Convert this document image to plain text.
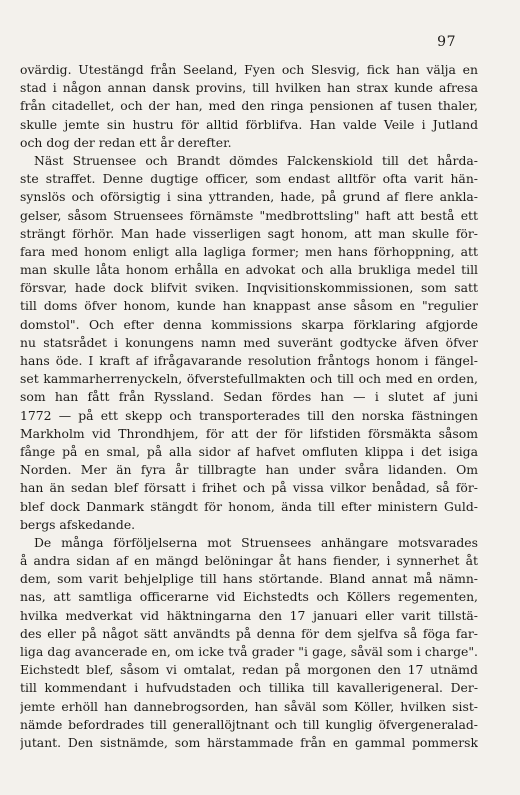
97
ovärdig. Utestängd från Seeland, Fyen och Slesvig, fick han välja en
stad i någon annan dansk provins, till hvilken han strax kunde afresa
från citadellet, och der han, med den ringa pensionen af tusen thaler,
skulle jemte sin hustru för alltid förblifva. Han valde Veile i Jutland
och dog der redan ett år derefter.
Näst Struensee och Brandt dömdes Falckenskiold till det hårda-
ste straffet. Denne dugtige officer, som endast alltför ofta varit hän-
synslös och oförsigtig i sina yttranden, hade, på grund af flere ankla-
gelser, såsom Struensees förnämste "medbrottsling" haft att bestå ett
strängt förhör. Man hade visserligen sagt honom, att man skulle för-
fara med honom enligt alla lagliga former; men hans förhoppning, att
man skulle låta honom erhålla en advokat och alla brukliga medel till
försvar, hade dock blifvit sviken. Inqvisitionskommissionen, som satt
till doms öfver honom, kunde han knappast anse såsom en "regulier
domstol". Och efter denna kommissions skarpa förklaring afgjorde
nu statsrådet i konungens namn med suveränt godtycke äfven öfver
hans öde. I kraft af ifrågavarande resolution fråntogs honom i fängel-
set kammarherrenyckeln, öfverstefullmakten och till och med en orden,
som han fått från Ryssland. Sedan fördes han — i slutet af juni
1772 — på ett skepp och transporterades till den norska fästningen
Markholm vid Throndhjem, för att der för lifstiden försmäkta såsom
fånge på en smal, på alla sidor af hafvet omfluten klippa i det isiga
Norden. Mer än fyra år tillbragte han under svåra lidanden. Om
han än sedan blef försatt i frihet och på vissa vilkor benådad, så för-
blef dock Danmark stängdt för honom, ända till efter ministern Guld-
bergs afskedande.
De många förföljelserna mot Struensees anhängare motsvarades
å andra sidan af en mängd belöningar åt hans fiender, i synnerhet åt
dem, som varit behjelplige till hans störtande. Bland annat må nämn-
nas, att samtliga officerarne vid Eichstedts och Köllers regementen,
hvilka medverkat vid häktningarna den 17 januari eller varit tillstä-
des eller på något sätt användts på denna för dem sjelfva så föga far-
liga dag avancerade en, om icke två grader "i gage, såväl som i charge".
Eichstedt blef, såsom vi omtalat, redan på morgonen den 17 utnämd
till kommendant i hufvudstaden och tillika till kavallerigeneral. Der-
jemte erhöll han dannebrogsorden, han såväl som Köller, hvilken sist-
nämde befordrades till generallöjtnant och till kunglig öfvergeneralad-
jutant. Den sistnämde, som härstammade från en gammal pommersk
